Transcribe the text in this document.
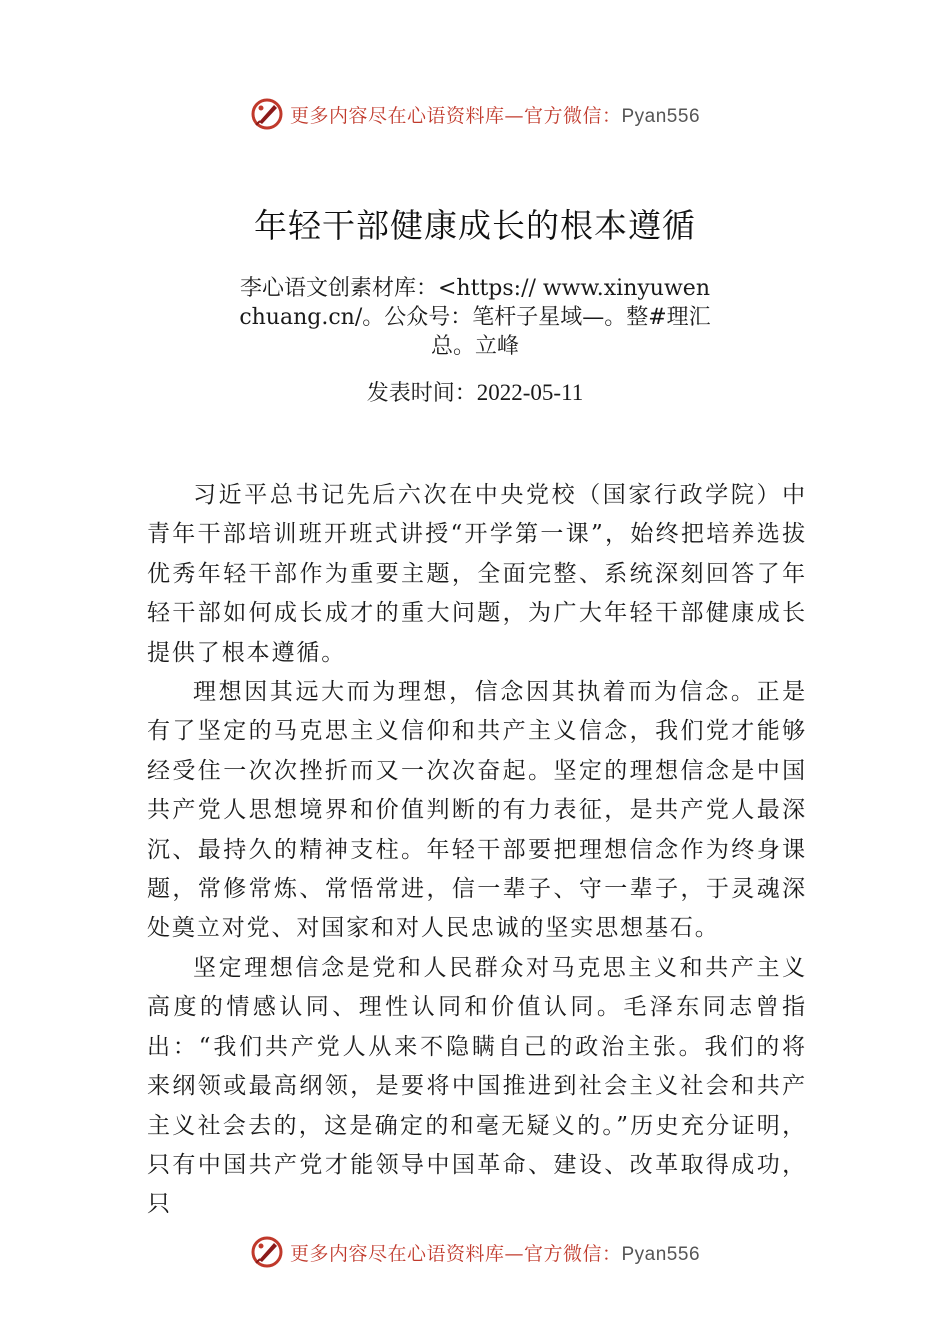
更多内容尽在心语资料库—官方微信：Pyan556
年轻干部健康成长的根本遵循
李心语文创素材库：<https:// www.xinyuwenchuang.cn/。公众号：笔杆子星域—。整#理汇总。立峰
发表时间：2022-05-11

习近平总书记先后六次在中央党校（国家行政学院）中青年干部培训班开班式讲授“开学第一课”，始终把培养选拔优秀年轻干部作为重要主题，全面完整、系统深刻回答了年轻干部如何成长成才的重大问题，为广大年轻干部健康成长提供了根本遵循。

理想因其远大而为理想，信念因其执着而为信念。正是有了坚定的马克思主义信仰和共产主义信念，我们党才能够经受住一次次挫折而又一次次奋起。坚定的理想信念是中国共产党人思想境界和价值判断的有力表征，是共产党人最深沉、最持久的精神支柱。年轻干部要把理想信念作为终身课题，常修常炼、常悟常进，信一辈子、守一辈子，于灵魂深处奠立对党、对国家和对人民忠诚的坚实思想基石。

坚定理想信念是党和人民群众对马克思主义和共产主义高度的情感认同、理性认同和价值认同。毛泽东同志曾指出：“我们共产党人从来不隐瞒自己的政治主张。我们的将来纲领或最高纲领，是要将中国推进到社会主义社会和共产主义社会去的，这是确定的和毫无疑义的。”历史充分证明，只有中国共产党才能领导中国革命、建设、改革取得成功，只

更多内容尽在心语资料库—官方微信：Pyan556
